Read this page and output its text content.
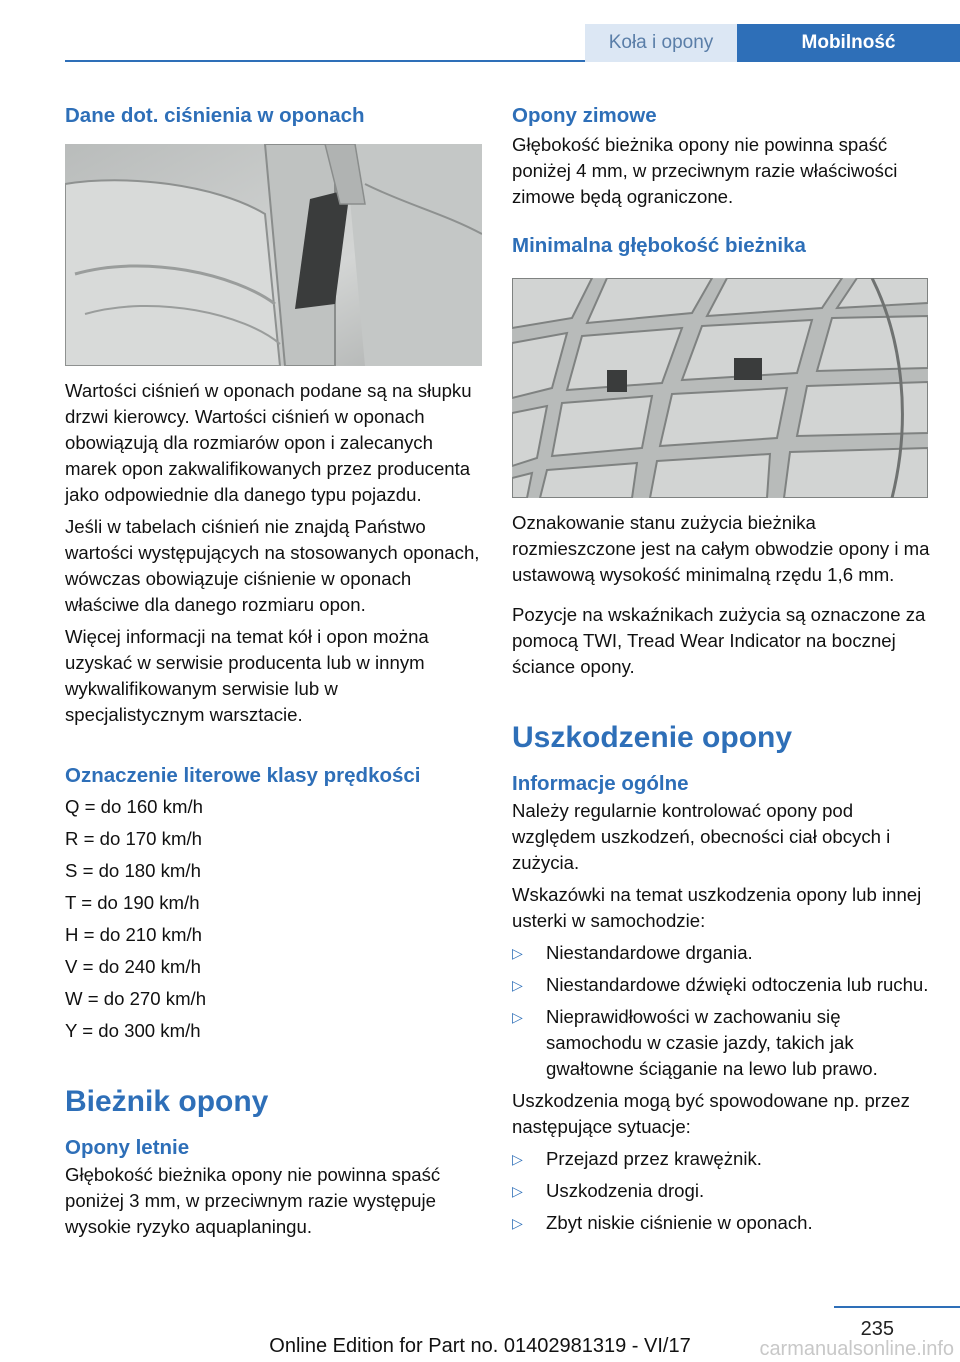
Koła i opony	Mobilność
Dane dot. ciśnienia w oponach

Wartości ciśnień w oponach podane są na słupku drzwi kierowcy. Wartości ciśnień w oponach obowiązują dla rozmiarów opon i zalecanych marek opon zakwalifikowanych przez producenta jako odpowiednie dla danego typu pojazdu.

Jeśli w tabelach ciśnień nie znajdą Państwo wartości występujących na stosowanych oponach, wówczas obowiązuje ciśnienie w oponach właściwe dla danego rozmiaru opon.

Więcej informacji na temat kół i opon można uzyskać w serwisie producenta lub w innym wykwalifikowanym serwisie lub w specjalistycznym warsztacie.

Oznaczenie literowe klasy prędkości

Q = do 160 km/h

R = do 170 km/h

S = do 180 km/h

T = do 190 km/h

H = do 210 km/h

V = do 240 km/h

W = do 270 km/h

Y = do 300 km/h

Bieżnik opony
Opony letnie

Głębokość bieżnika opony nie powinna spaść poniżej 3 mm, w przeciwnym razie występuje wysokie ryzyko aquaplaningu.

Opony zimowe

Głębokość bieżnika opony nie powinna spaść poniżej 4 mm, w przeciwnym razie właściwości zimowe będą ograniczone.

Minimalna głębokość bieżnika

Oznakowanie stanu zużycia bieżnika rozmieszczone jest na całym obwodzie opony i ma ustawową wysokość minimalną rzędu 1,6 mm.

Pozycje na wskaźnikach zużycia są oznaczone za pomocą TWI, Tread Wear Indicator na bocznej ściance opony.

Uszkodzenie opony
Informacje ogólne

Należy regularnie kontrolować opony pod względem uszkodzeń, obecności ciał obcych i zużycia.

Wskazówki na temat uszkodzenia opony lub innej usterki w samochodzie:

▷ Niestandardowe drgania.
▷ Niestandardowe dźwięki odtoczenia lub ruchu.
▷ Nieprawidłowości w zachowaniu się samochodu w czasie jazdy, takich jak gwałtowne ściąganie na lewo lub prawo.

Uszkodzenia mogą być spowodowane np. przez następujące sytuacje:

▷ Przejazd przez krawężnik.
▷ Uszkodzenia drogi.
▷ Zbyt niskie ciśnienie w oponach.
235
Online Edition for Part no. 01402981319 - VI/17	carmanualsonline.info
